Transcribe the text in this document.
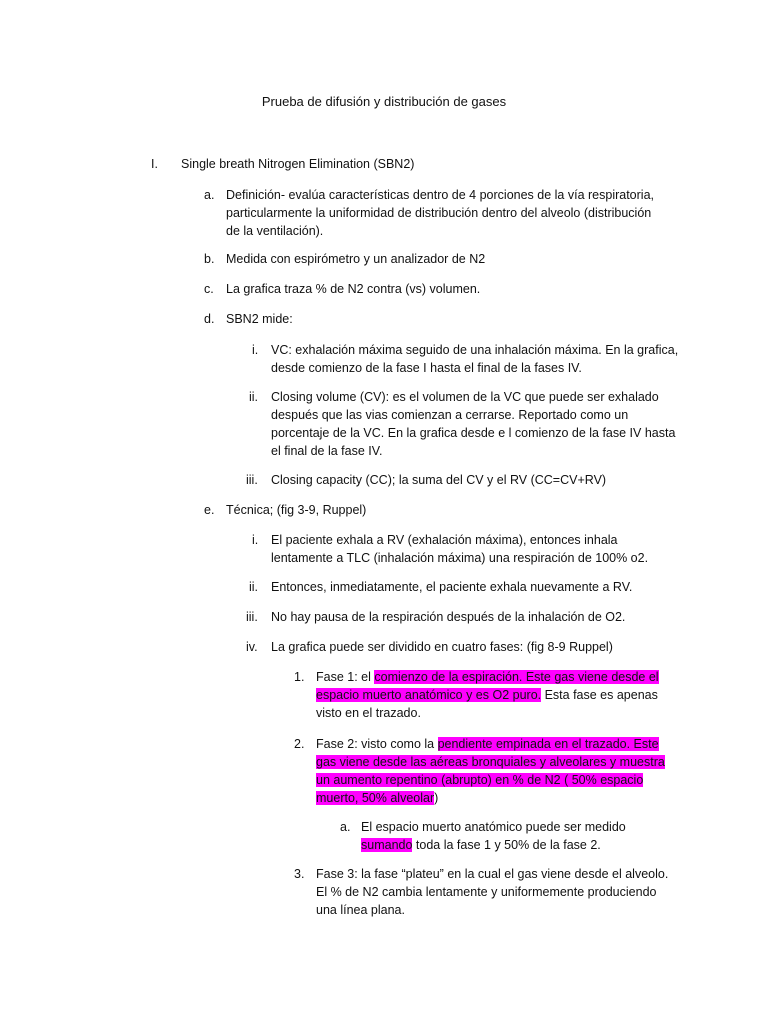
Prueba de difusión y distribución de gases
I. Single breath Nitrogen Elimination (SBN2)
a. Definición- evalúa características dentro de 4 porciones de la vía respiratoria,
particularmente la uniformidad de distribución dentro del alveolo (distribución
de la ventilación).
b. Medida con espirómetro y un analizador de N2
c. La grafica traza % de N2 contra (vs) volumen.
d. SBN2 mide:
i. VC: exhalación máxima seguido de una inhalación máxima. En la grafica,
desde comienzo de la fase I hasta el final de la fases IV.
ii. Closing volume (CV): es el volumen de la VC que puede ser exhalado
después que las vias comienzan a cerrarse. Reportado como un
porcentaje de la VC. En la grafica desde e l comienzo de la fase IV hasta
el final de la fase IV.
iii. Closing capacity (CC); la suma del CV y el RV (CC=CV+RV)
e. Técnica; (fig 3-9, Ruppel)
i. El paciente exhala a RV (exhalación máxima), entonces inhala
lentamente a TLC (inhalación máxima) una respiración de 100% o2.
ii. Entonces, inmediatamente, el paciente exhala nuevamente a RV.
iii. No hay pausa de la respiración después de la inhalación de O2.
iv. La grafica puede ser dividido en cuatro fases: (fig 8-9 Ruppel)
1. Fase 1: el comienzo de la espiración. Este gas viene desde el
espacio muerto anatómico y es O2 puro. Esta fase es apenas
visto en el trazado.
2. Fase 2: visto como la pendiente empinada en el trazado. Este
gas viene desde las aéreas bronquiales y alveolares y muestra
un aumento repentino (abrupto) en % de N2 ( 50% espacio
muerto, 50% alveolar)
a. El espacio muerto anatómico puede ser medido
sumando toda la fase 1 y 50% de la fase 2.
3. Fase 3: la fase “plateu” en la cual el gas viene desde el alveolo.
El % de N2 cambia lentamente y uniformemente produciendo
una línea plana.
